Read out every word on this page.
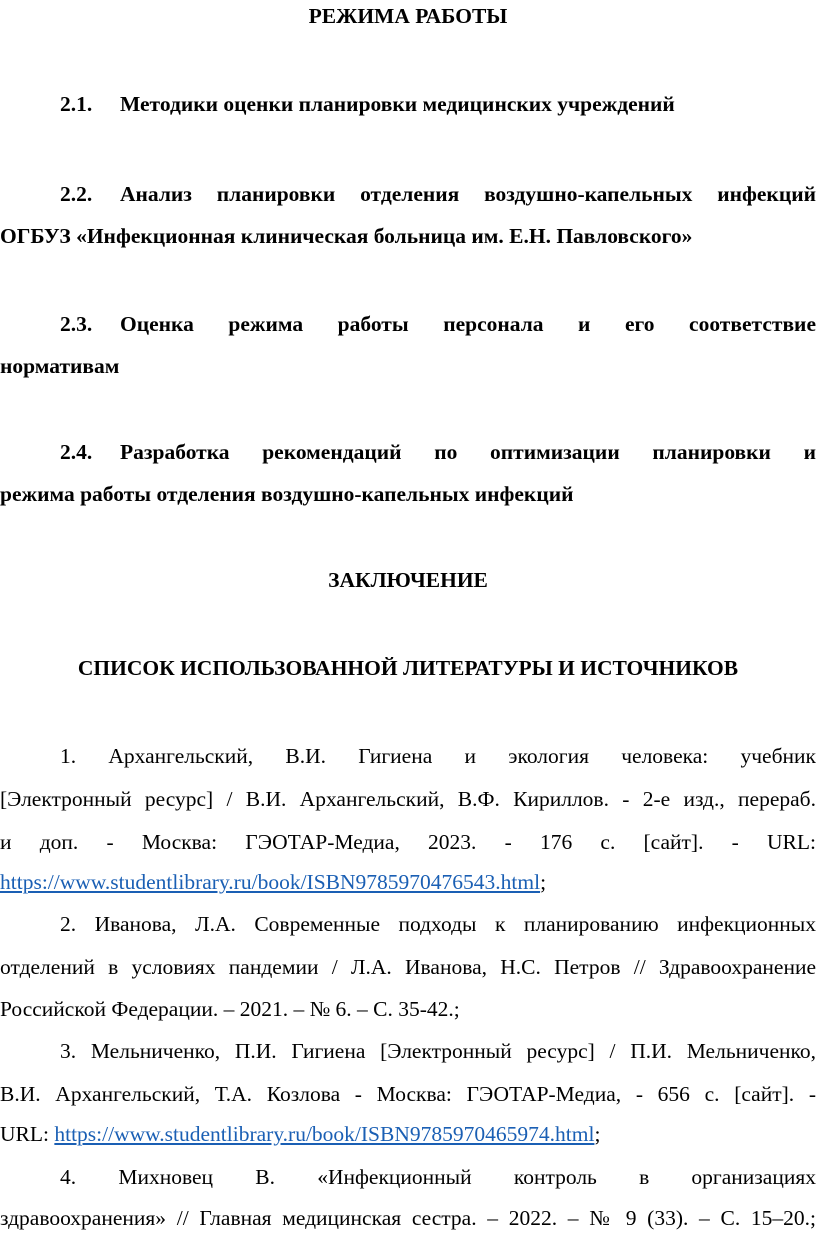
РЕЖИМА РАБОТЫ
2.1. Методики оценки планировки медицинских учреждений
2.2. Анализ планировки отделения воздушно-капельных инфекций
ОГБУЗ «Инфекционная клиническая больница им. Е.Н. Павловского»
2.3. Оценка режима работы персонала и его соответствие
нормативам
2.4. Разработка рекомендаций по оптимизации планировки и
режима работы отделения воздушно-капельных инфекций
ЗАКЛЮЧЕНИЕ
СПИСОК ИСПОЛЬЗОВАННОЙ ЛИТЕРАТУРЫ И ИСТОЧНИКОВ
1. Архангельский, В.И. Гигиена и экология человека: учебник
[Электронный ресурс] / В.И. Архангельский, В.Ф. Кириллов. - 2-е изд., перераб.
и доп. - Москва: ГЭОТАР-Медиа, 2023. - 176 с. [сайт]. - URL:
https://www.studentlibrary.ru/book/ISBN9785970476543.html;
2. Иванова, Л.А. Современные подходы к планированию инфекционных
отделений в условиях пандемии / Л.А. Иванова, Н.С. Петров // Здравоохранение
Российской Федерации. – 2021. – № 6. – С. 35-42.;
3. Мельниченко, П.И. Гигиена [Электронный ресурс] / П.И. Мельниченко,
В.И. Архангельский, Т.А. Козлова - Москва: ГЭОТАР-Медиа, - 656 с. [сайт]. -
URL: https://www.studentlibrary.ru/book/ISBN9785970465974.html;
4. Михновец В. «Инфекционный контроль в организациях
здравоохранения» // Главная медицинская сестра. – 2022. – № 9 (33). – С. 15–20.;
